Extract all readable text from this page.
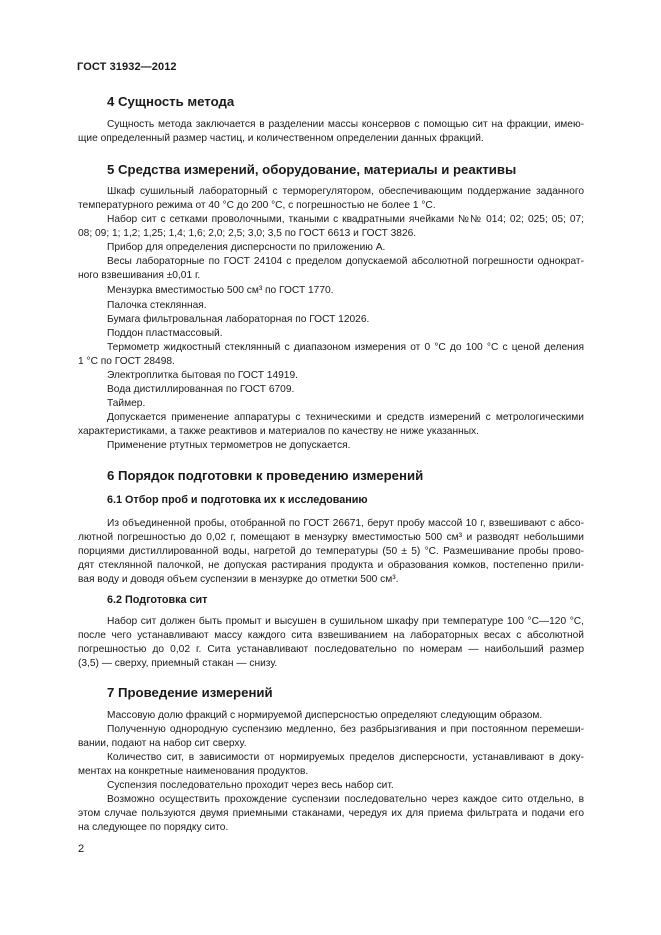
ГОСТ 31932—2012
4 Сущность метода
Сущность метода заключается в разделении массы консервов с помощью сит на фракции, имею-
щие определенный размер частиц, и количественном определении данных фракций.
5 Средства измерений, оборудование, материалы и реактивы
Шкаф сушильный лабораторный с терморегулятором, обеспечивающим поддержание заданного
температурного режима от 40 °С до 200 °С, с погрешностью не более 1 °С.
Набор сит с сетками проволочными, ткаными с квадратными ячейками №№ 014; 02; 025; 05; 07;
08; 09; 1; 1,2; 1,25; 1,4; 1,6; 2,0; 2,5; 3,0; 3,5 по ГОСТ 6613 и ГОСТ 3826.
Прибор для определения дисперсности по приложению А.
Весы лабораторные по ГОСТ 24104 с пределом допускаемой абсолютной погрешности однократ-
ного взвешивания ±0,01 г.
Мензурка вместимостью 500 см³ по ГОСТ 1770.
Палочка стеклянная.
Бумага фильтровальная лабораторная по ГОСТ 12026.
Поддон пластмассовый.
Термометр жидкостный стеклянный с диапазоном измерения от 0 °С до 100 °С с ценой деления
1 °С по ГОСТ 28498.
Электроплитка бытовая по ГОСТ 14919.
Вода дистиллированная по ГОСТ 6709.
Таймер.
Допускается применение аппаратуры с техническими и средств измерений с метрологическими
характеристиками, а также реактивов и материалов по качеству не ниже указанных.
Применение ртутных термометров не допускается.
6 Порядок подготовки к проведению измерений
6.1 Отбор проб и подготовка их к исследованию
Из объединенной пробы, отобранной по ГОСТ 26671, берут пробу массой 10 г, взвешивают с абсо-
лютной погрешностью до 0,02 г, помещают в мензурку вместимостью 500 см³ и разводят небольшими
порциями дистиллированной воды, нагретой до температуры (50 ± 5) °С. Размешивание пробы прово-
дят стеклянной палочкой, не допуская растирания продукта и образования комков, постепенно прили-
вая воду и доводя объем суспензии в мензурке до отметки 500 см³.
6.2 Подготовка сит
Набор сит должен быть промыт и высушен в сушильном шкафу при температуре 100 °С—120 °С,
после чего устанавливают массу каждого сита взвешиванием на лабораторных весах с абсолютной
погрешностью до 0,02 г. Сита устанавливают последовательно по номерам — наибольший размер
(3,5) — сверху, приемный стакан — снизу.
7 Проведение измерений
Массовую долю фракций с нормируемой дисперсностью определяют следующим образом.
Полученную однородную суспензию медленно, без разбрызгивания и при постоянном перемеши-
вании, подают на набор сит сверху.
Количество сит, в зависимости от нормируемых пределов дисперсности, устанавливают в доку-
ментах на конкретные наименования продуктов.
Суспензия последовательно проходит через весь набор сит.
Возможно осуществить прохождение суспензии последовательно через каждое сито отдельно, в
этом случае пользуются двумя приемными стаканами, чередуя их для приема фильтрата и подачи его
на следующее по порядку сито.
2
